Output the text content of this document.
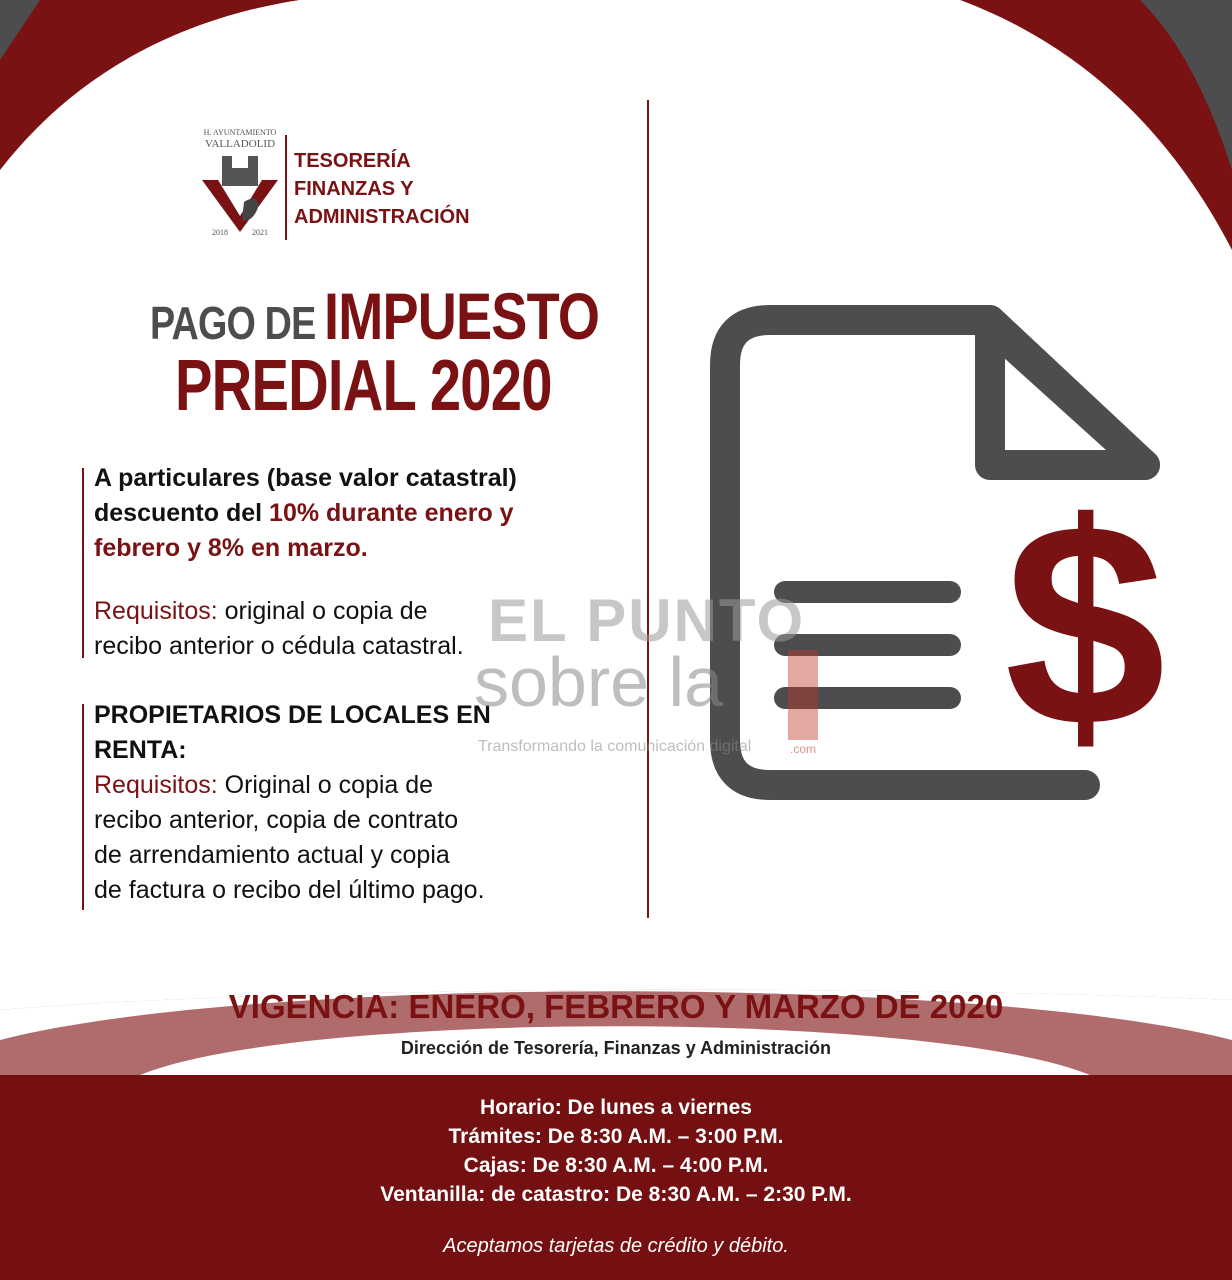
H. AYUNTAMIENTO
VALLADOLID
2018	2021
TESORERÍA
FINANZAS Y
ADMINISTRACIÓN
PAGO DE IMPUESTO
PREDIAL 2020
A particulares (base valor catastral)
descuento del 10% durante enero y
febrero y 8% en marzo.
Requisitos: original o copia de
recibo anterior o cédula catastral.
PROPIETARIOS DE LOCALES EN
RENTA:
Requisitos: Original o copia de
recibo anterior, copia de contrato
de arrendamiento actual y copia
de factura o recibo del último pago.
$
EL PUNTO
sobre la
Transformando la comunicación digital	.com
VIGENCIA: ENERO, FEBRERO Y MARZO DE 2020
Dirección de Tesorería, Finanzas y Administración
Horario: De lunes a viernes
Trámites: De 8:30 A.M. – 3:00 P.M.
Cajas: De 8:30 A.M. – 4:00 P.M.
Ventanilla: de catastro: De 8:30 A.M. – 2:30 P.M.
Aceptamos tarjetas de crédito y débito.
